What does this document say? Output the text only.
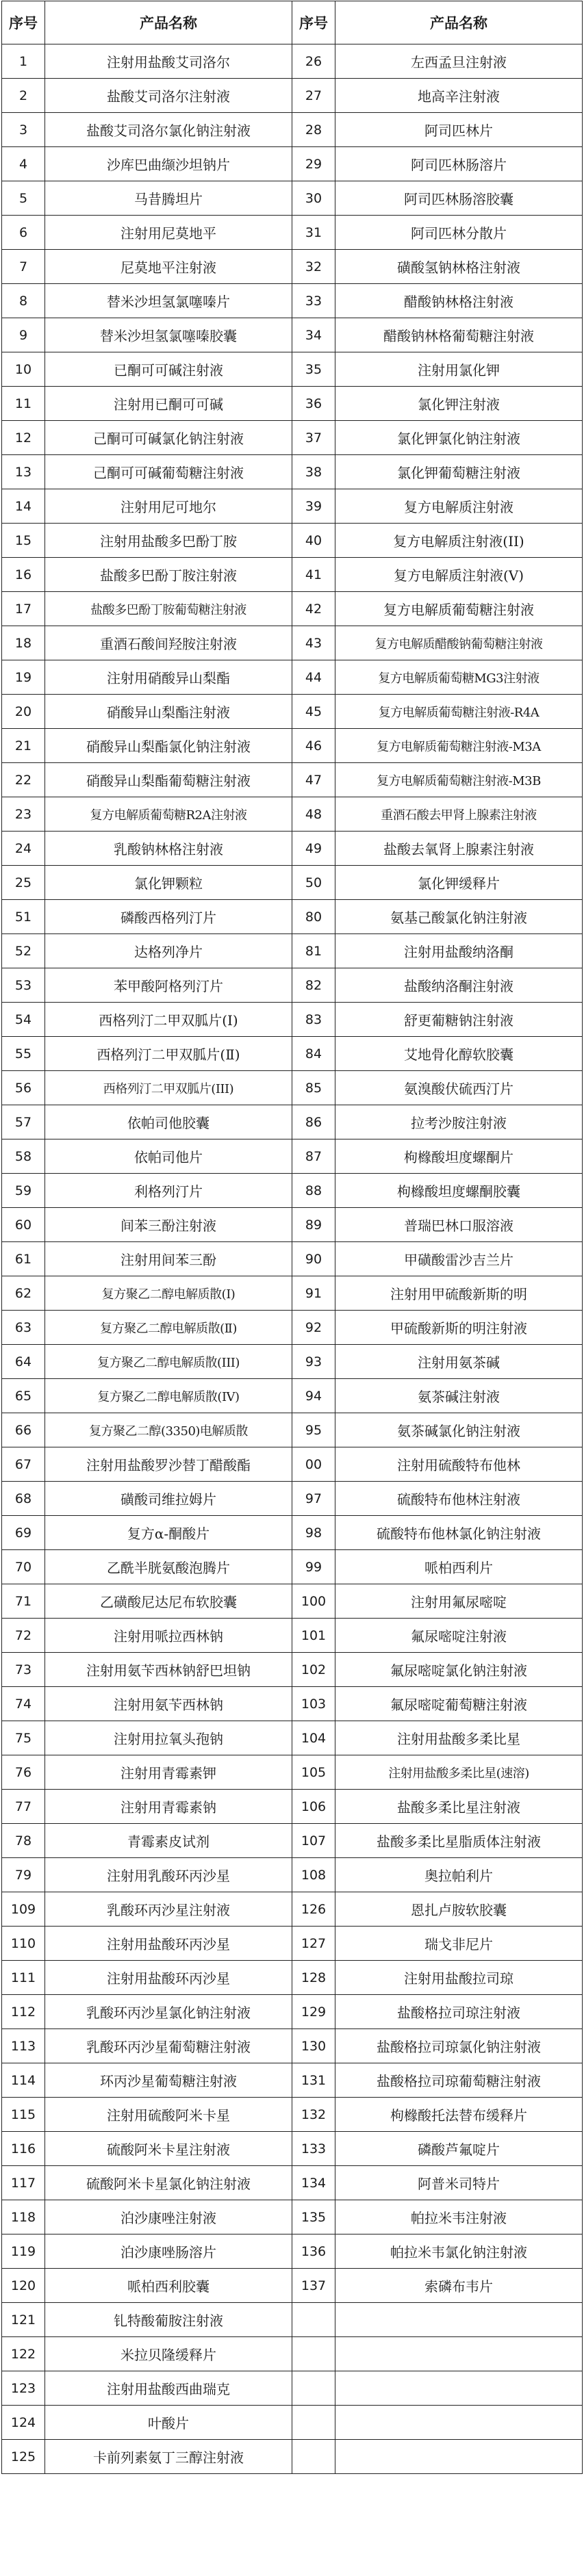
序号	产品名称	序号	产品名称
1	注射用盐酸艾司洛尔	26	左西孟旦注射液
2	盐酸艾司洛尔注射液	27	地高辛注射液
3	盐酸艾司洛尔氯化钠注射液	28	阿司匹林片
4	沙库巴曲缬沙坦钠片	29	阿司匹林肠溶片
5	马昔腾坦片	30	阿司匹林肠溶胶囊
6	注射用尼莫地平	31	阿司匹林分散片
7	尼莫地平注射液	32	磺酸氢钠林格注射液
8	替米沙坦氢氯噻嗪片	33	醋酸钠林格注射液
9	替米沙坦氢氯噻嗪胶囊	34	醋酸钠林格葡萄糖注射液
10	已酮可可碱注射液	35	注射用氯化钾
11	注射用已酮可可碱	36	氯化钾注射液
12	己酮可可碱氯化钠注射液	37	氯化钾氯化钠注射液
13	己酮可可碱葡萄糖注射液	38	氯化钾葡萄糖注射液
14	注射用尼可地尔	39	复方电解质注射液
15	注射用盐酸多巴酚丁胺	40	复方电解质注射液(II)
16	盐酸多巴酚丁胺注射液	41	复方电解质注射液(V)
17	盐酸多巴酚丁胺葡萄糖注射液	42	复方电解质葡萄糖注射液
18	重酒石酸间羟胺注射液	43	复方电解质醋酸钠葡萄糖注射液
19	注射用硝酸异山梨酯	44	复方电解质葡萄糖MG3注射液
20	硝酸异山梨酯注射液	45	复方电解质葡萄糖注射液-R4A
21	硝酸异山梨酯氯化钠注射液	46	复方电解质葡萄糖注射液-M3A
22	硝酸异山梨酯葡萄糖注射液	47	复方电解质葡萄糖注射液-M3B
23	复方电解质葡萄糖R2A注射液	48	重酒石酸去甲肾上腺素注射液
24	乳酸钠林格注射液	49	盐酸去氧肾上腺素注射液
25	氯化钾颗粒	50	氯化钾缓释片
51	磷酸西格列汀片	80	氨基己酸氯化钠注射液
52	达格列净片	81	注射用盐酸纳洛酮
53	苯甲酸阿格列汀片	82	盐酸纳洛酮注射液
54	西格列汀二甲双胍片(I)	83	舒更葡糖钠注射液
55	西格列汀二甲双胍片(Ⅱ)	84	艾地骨化醇软胶囊
56	西格列汀二甲双胍片(III)	85	氨溴酸伏硫西汀片
57	依帕司他胶囊	86	拉考沙胺注射液
58	依帕司他片	87	枸橼酸坦度螺酮片
59	利格列汀片	88	枸橼酸坦度螺酮胶囊
60	间苯三酚注射液	89	普瑞巴林口服溶液
61	注射用间苯三酚	90	甲磺酸雷沙吉兰片
62	复方聚乙二醇电解质散(I)	91	注射用甲硫酸新斯的明
63	复方聚乙二醇电解质散(Ⅱ)	92	甲硫酸新斯的明注射液
64	复方聚乙二醇电解质散(III)	93	注射用氨茶碱
65	复方聚乙二醇电解质散(IV)	94	氨茶碱注射液
66	复方聚乙二醇(3350)电解质散	95	氨茶碱氯化钠注射液
67	注射用盐酸罗沙替丁醋酸酯	00	注射用硫酸特布他林
68	磺酸司维拉姆片	97	硫酸特布他林注射液
69	复方α-酮酸片	98	硫酸特布他林氯化钠注射液
70	乙酰半胱氨酸泡腾片	99	哌柏西利片
71	乙磺酸尼达尼布软胶囊	100	注射用氟尿嘧啶
72	注射用哌拉西林钠	101	氟尿嘧啶注射液
73	注射用氨苄西林钠舒巴坦钠	102	氟尿嘧啶氯化钠注射液
74	注射用氨苄西林钠	103	氟尿嘧啶葡萄糖注射液
75	注射用拉氧头孢钠	104	注射用盐酸多柔比星
76	注射用青霉素钾	105	注射用盐酸多柔比星(速溶)
77	注射用青霉素钠	106	盐酸多柔比星注射液
78	青霉素皮试剂	107	盐酸多柔比星脂质体注射液
79	注射用乳酸环丙沙星	108	奥拉帕利片
109	乳酸环丙沙星注射液	126	恩扎卢胺软胶囊
110	注射用盐酸环丙沙星	127	瑞戈非尼片
111	注射用盐酸环丙沙星	128	注射用盐酸拉司琼
112	乳酸环丙沙星氯化钠注射液	129	盐酸格拉司琼注射液
113	乳酸环丙沙星葡萄糖注射液	130	盐酸格拉司琼氯化钠注射液
114	环丙沙星葡萄糖注射液	131	盐酸格拉司琼葡萄糖注射液
115	注射用硫酸阿米卡星	132	枸橼酸托法替布缓释片
116	硫酸阿米卡星注射液	133	磷酸芦氟啶片
117	硫酸阿米卡星氯化钠注射液	134	阿普米司特片
118	泊沙康唑注射液	135	帕拉米韦注射液
119	泊沙康唑肠溶片	136	帕拉米韦氯化钠注射液
120	哌柏西利胶囊	137	索磷布韦片
121	钆特酸葡胺注射液		
122	米拉贝隆缓释片		
123	注射用盐酸西曲瑞克		
124	叶酸片		
125	卡前列素氨丁三醇注射液		
